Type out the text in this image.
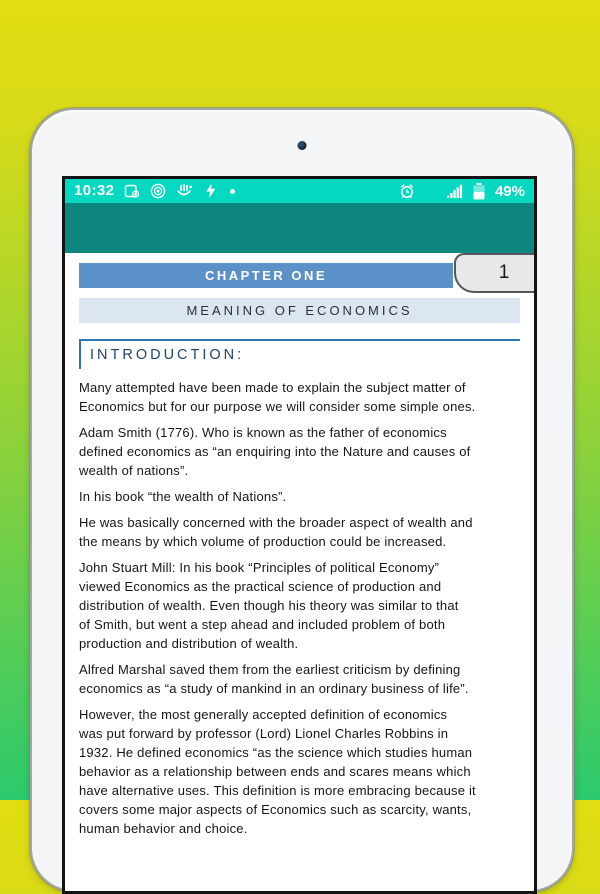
10:32	49%
CHAPTER ONE	1
MEANING OF ECONOMICS
INTRODUCTION:

Many attempted have been made to explain the subject matter of
Economics but for our purpose we will consider some simple ones.

Adam Smith (1776). Who is known as the father of economics
defined economics as “an enquiring into the Nature and causes of
wealth of nations”.

In his book “the wealth of Nations”.

He was basically concerned with the broader aspect of wealth and
the means by which volume of production could be increased.

John Stuart Mill: In his book “Principles of political Economy”
viewed Economics as the practical science of production and
distribution of wealth. Even though his theory was similar to that
of Smith, but went a step ahead and included problem of both
production and distribution of wealth.

Alfred Marshal saved them from the earliest criticism by defining
economics as “a study of mankind in an ordinary business of life”.

However, the most generally accepted definition of economics
was put forward by professor (Lord) Lionel Charles Robbins in
1932. He defined economics “as the science which studies human
behavior as a relationship between ends and scares means which
have alternative uses. This definition is more embracing because it
covers some major aspects of Economics such as scarcity, wants,
human behavior and choice.
